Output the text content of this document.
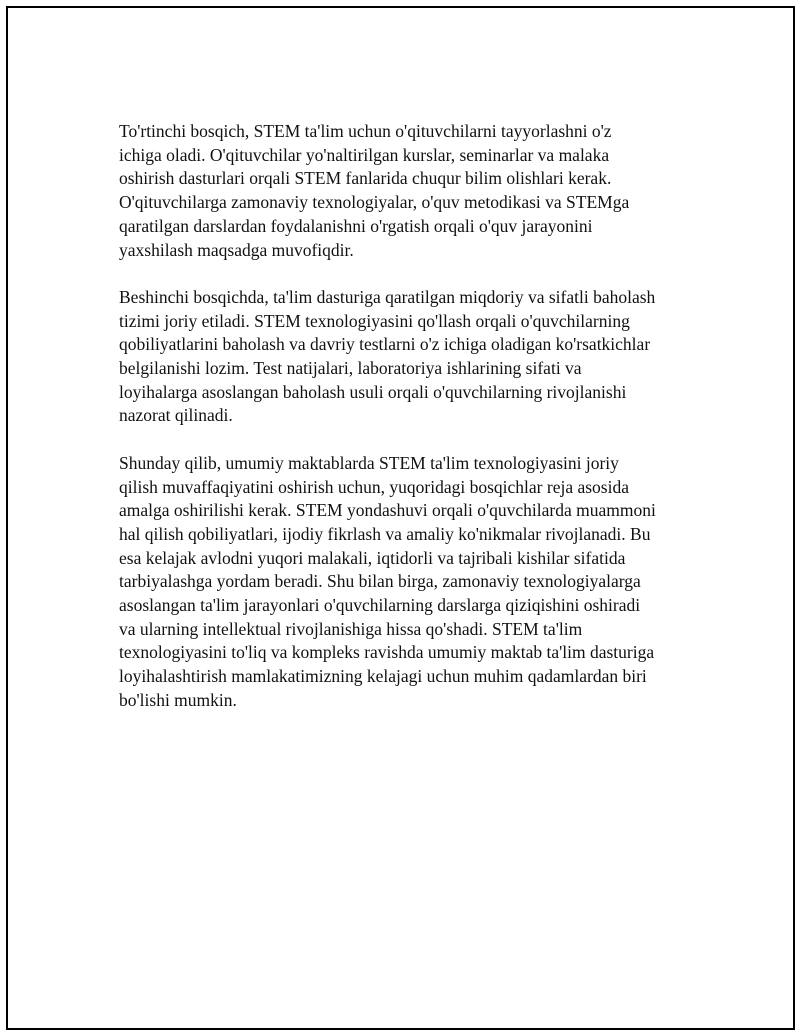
To'rtinchi bosqich, STEM ta'lim uchun o'qituvchilarni tayyorlashni o'z
ichiga oladi. O'qituvchilar yo'naltirilgan kurslar, seminarlar va malaka
oshirish dasturlari orqali STEM fanlarida chuqur bilim olishlari kerak.
O'qituvchilarga zamonaviy texnologiyalar, o'quv metodikasi va STEMga
qaratilgan darslardan foydalanishni o'rgatish orqali o'quv jarayonini
yaxshilash maqsadga muvofiqdir.

Beshinchi bosqichda, ta'lim dasturiga qaratilgan miqdoriy va sifatli baholash
tizimi joriy etiladi. STEM texnologiyasini qo'llash orqali o'quvchilarning
qobiliyatlarini baholash va davriy testlarni o'z ichiga oladigan ko'rsatkichlar
belgilanishi lozim. Test natijalari, laboratoriya ishlarining sifati va
loyihalarga asoslangan baholash usuli orqali o'quvchilarning rivojlanishi
nazorat qilinadi.

Shunday qilib, umumiy maktablarda STEM ta'lim texnologiyasini joriy
qilish muvaffaqiyatini oshirish uchun, yuqoridagi bosqichlar reja asosida
amalga oshirilishi kerak. STEM yondashuvi orqali o'quvchilarda muammoni
hal qilish qobiliyatlari, ijodiy fikrlash va amaliy ko'nikmalar rivojlanadi. Bu
esa kelajak avlodni yuqori malakali, iqtidorli va tajribali kishilar sifatida
tarbiyalashga yordam beradi. Shu bilan birga, zamonaviy texnologiyalarga
asoslangan ta'lim jarayonlari o'quvchilarning darslarga qiziqishini oshiradi
va ularning intellektual rivojlanishiga hissa qo'shadi. STEM ta'lim
texnologiyasini to'liq va kompleks ravishda umumiy maktab ta'lim dasturiga
loyihalashtirish mamlakatimizning kelajagi uchun muhim qadamlardan biri
bo'lishi mumkin.
